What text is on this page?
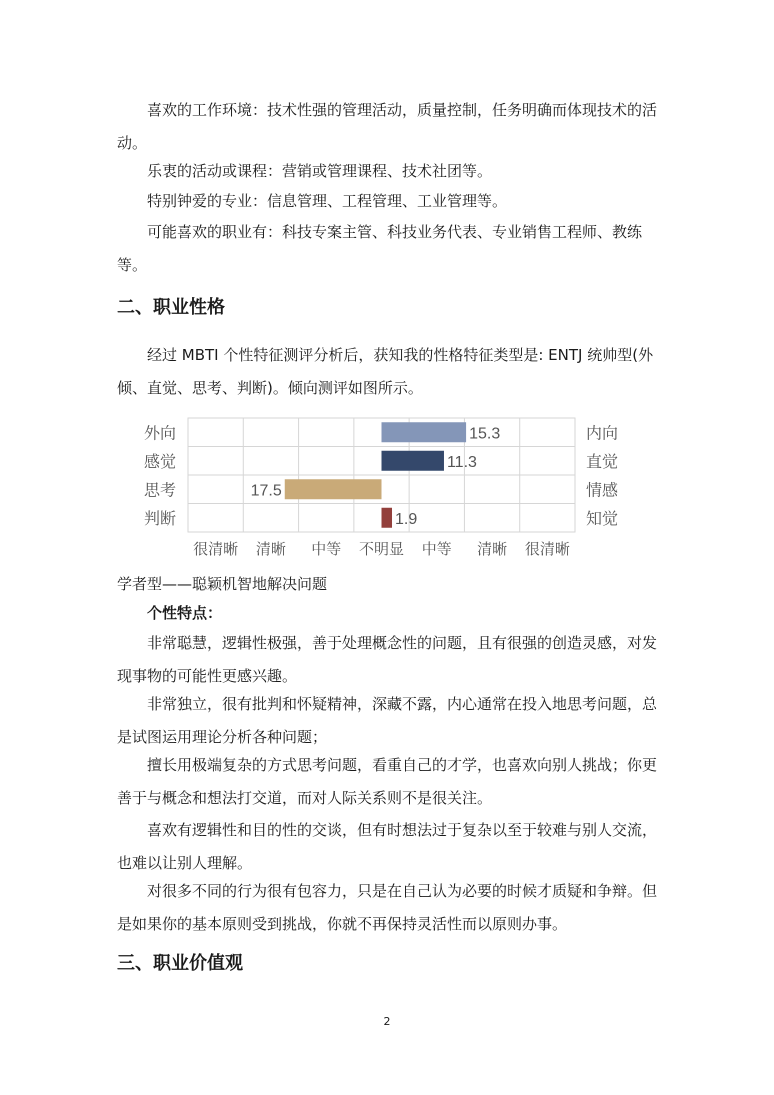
喜欢的工作环境：技术性强的管理活动，质量控制，任务明确而体现技术的活动。

乐衷的活动或课程：营销或管理课程、技术社团等。

特别钟爱的专业：信息管理、工程管理、工业管理等。

可能喜欢的职业有：科技专案主管、科技业务代表、专业销售工程师、教练等。

二、职业性格

经过 MBTI 个性特征测评分析后，获知我的性格特征类型是: ENTJ 统帅型(外倾、直觉、思考、判断)。倾向测评如图所示。

外向	内向
15.3
感觉	直觉
11.3
思考	情感
17.5
判断	知觉
1.9
很清晰 清晰 中等 不明显 中等 清晰 很清晰

学者型——聪颖机智地解决问题

个性特点：

非常聪慧，逻辑性极强，善于处理概念性的问题，且有很强的创造灵感，对发现事物的可能性更感兴趣。

非常独立，很有批判和怀疑精神，深藏不露，内心通常在投入地思考问题，总是试图运用理论分析各种问题；

擅长用极端复杂的方式思考问题，看重自己的才学，也喜欢向别人挑战；你更善于与概念和想法打交道，而对人际关系则不是很关注。

喜欢有逻辑性和目的性的交谈，但有时想法过于复杂以至于较难与别人交流，也难以让别人理解。

对很多不同的行为很有包容力，只是在自己认为必要的时候才质疑和争辩。但是如果你的基本原则受到挑战，你就不再保持灵活性而以原则办事。

三、职业价值观
2
